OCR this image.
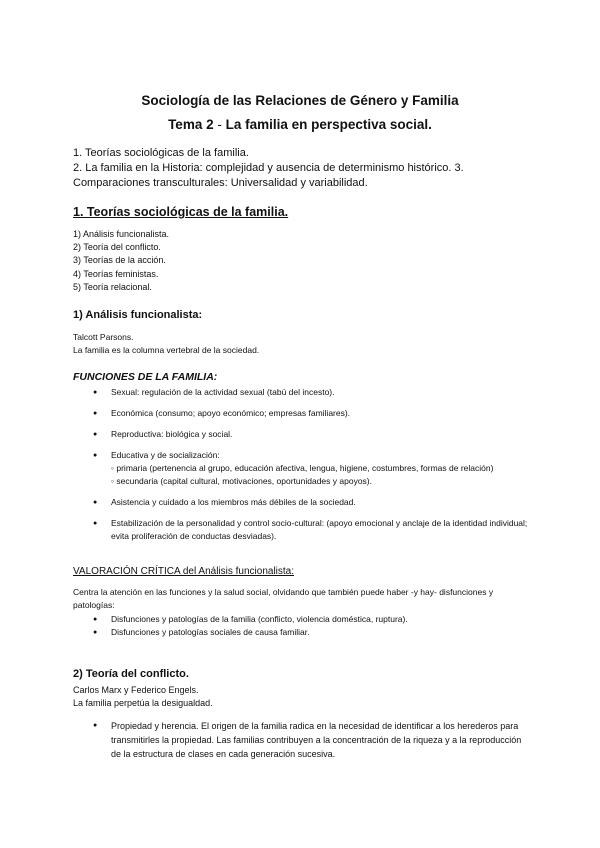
Sociología de las Relaciones de Género y Familia
Tema 2 - La familia en perspectiva social.
1. Teorías sociológicas de la familia.
2. La familia en la Historia: complejidad y ausencia de determinismo histórico. 3.
Comparaciones transculturales: Universalidad y variabilidad.
1. Teorías sociológicas de la familia.
1) Análisis funcionalista.
2) Teoría del conflicto.
3) Teorías de la acción.
4) Teorías feministas.
5) Teoría relacional.
1) Análisis funcionalista:
Talcott Parsons.
La familia es la columna vertebral de la sociedad.
FUNCIONES DE LA FAMILIA:
● Sexual: regulación de la actividad sexual (tabú del incesto).
● Económica (consumo; apoyo económico; empresas familiares).
● Reproductiva: biológica y social.
● Educativa y de socialización:
◦ primaria (pertenencia al grupo, educación afectiva, lengua, higiene, costumbres, formas de relación)
◦ secundaria (capital cultural, motivaciones, oportunidades y apoyos).
● Asistencia y cuidado a los miembros más débiles de la sociedad.
● Estabilización de la personalidad y control socio-cultural: (apoyo emocional y anclaje de la identidad individual; evita proliferación de conductas desviadas).
VALORACIÓN CRÍTICA del Análisis funcionalista:
Centra la atención en las funciones y la salud social, olvidando que también puede haber -y hay- disfunciones y patologías:
● Disfunciones y patologías de la familia (conflicto, violencia doméstica, ruptura).
● Disfunciones y patologías sociales de causa familiar.
2) Teoría del conflicto.
Carlos Marx y Federico Engels.
La familia perpetúa la desigualdad.
● Propiedad y herencia. El origen de la familia radica en la necesidad de identificar a los herederos para transmitirles la propiedad. Las familias contribuyen a la concentración de la riqueza y a la reproducción de la estructura de clases en cada generación sucesiva.
